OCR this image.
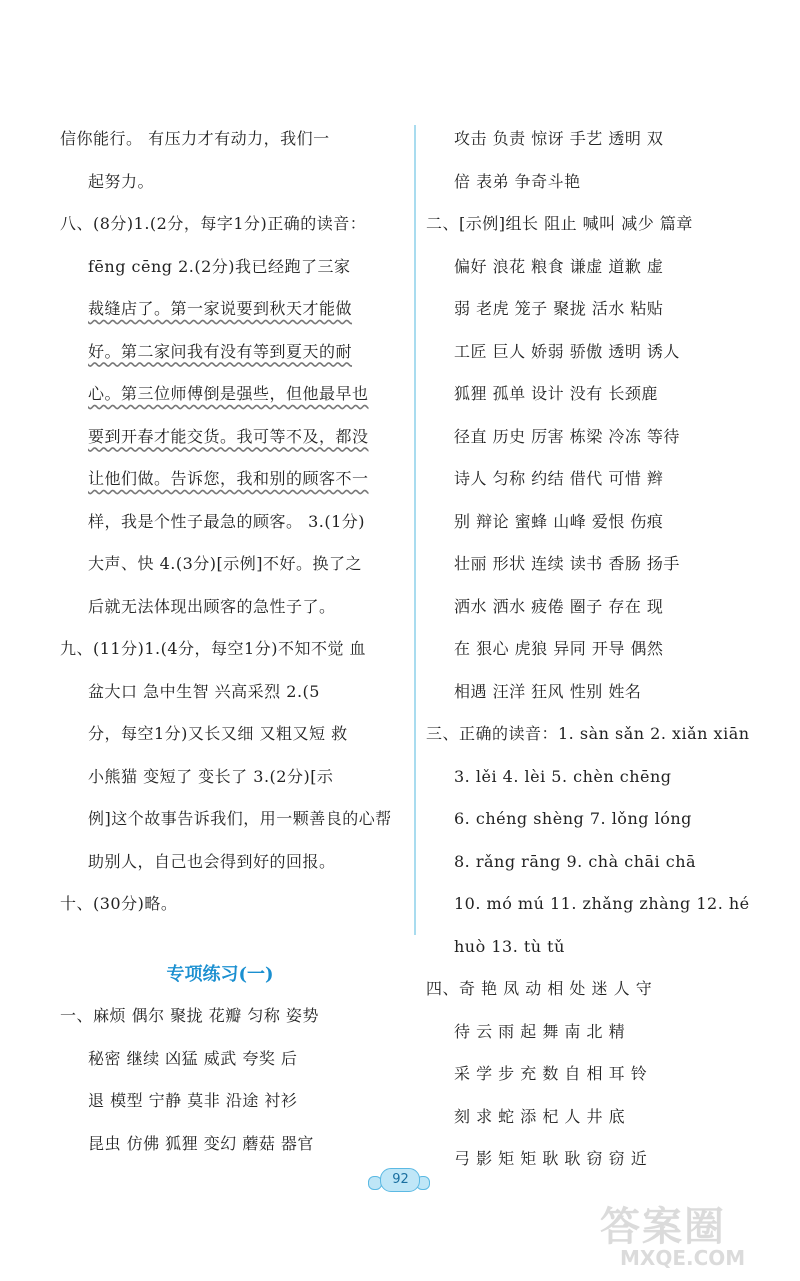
信你能行。 有压力才有动力，我们一
起努力。
八、(8分)1.(2分，每字1分)正确的读音：
fēng cēng 2.(2分)我已经跑了三家
裁缝店了。第一家说要到秋天才能做
好。第二家问我有没有等到夏天的耐
心。第三位师傅倒是强些，但他最早也
要到开春才能交货。我可等不及，都没
让他们做。告诉您，我和别的顾客不一
样，我是个性子最急的顾客。 3.(1分)
大声、快 4.(3分)[示例]不好。换了之
后就无法体现出顾客的急性子了。
九、(11分)1.(4分，每空1分)不知不觉 血
盆大口 急中生智 兴高采烈 2.(5
分，每空1分)又长又细 又粗又短 救
小熊猫 变短了 变长了 3.(2分)[示
例]这个故事告诉我们，用一颗善良的心帮
助别人，自己也会得到好的回报。
十、(30分)略。
专项练习(一)
一、麻烦 偶尔 聚拢 花瓣 匀称 姿势
秘密 继续 凶猛 威武 夸奖 后
退 模型 宁静 莫非 沿途 衬衫
昆虫 仿佛 狐狸 变幻 蘑菇 器官
攻击 负责 惊讶 手艺 透明 双
倍 表弟 争奇斗艳
二、[示例]组长 阻止 喊叫 减少 篇章
偏好 浪花 粮食 谦虚 道歉 虚
弱 老虎 笼子 聚拢 活水 粘贴
工匠 巨人 娇弱 骄傲 透明 诱人
狐狸 孤单 设计 没有 长颈鹿
径直 历史 厉害 栋梁 冷冻 等待
诗人 匀称 约结 借代 可惜 辫
别 辩论 蜜蜂 山峰 爱恨 伤痕
壮丽 形状 连续 读书 香肠 扬手
洒水 洒水 疲倦 圈子 存在 现
在 狠心 虎狼 异同 开导 偶然
相遇 汪洋 狂风 性别 姓名
三、正确的读音：1. sàn sǎn 2. xiǎn xiān
3. lěi 4. lèi 5. chèn chēng
6. chéng shèng 7. lǒng lóng
8. rǎng rāng 9. chà chāi chā
10. mó mú 11. zhǎng zhàng 12. hé
huò 13. tù tǔ
四、奇 艳 凤 动 相 处 迷 人 守
待 云 雨 起 舞 南 北 精
采 学 步 充 数 自 相 耳 铃
刻 求 蛇 添 杞 人 井 底
弓 影 矩 矩 耿 耿 窃 窃 近
92
答案圈
MXQE.COM
